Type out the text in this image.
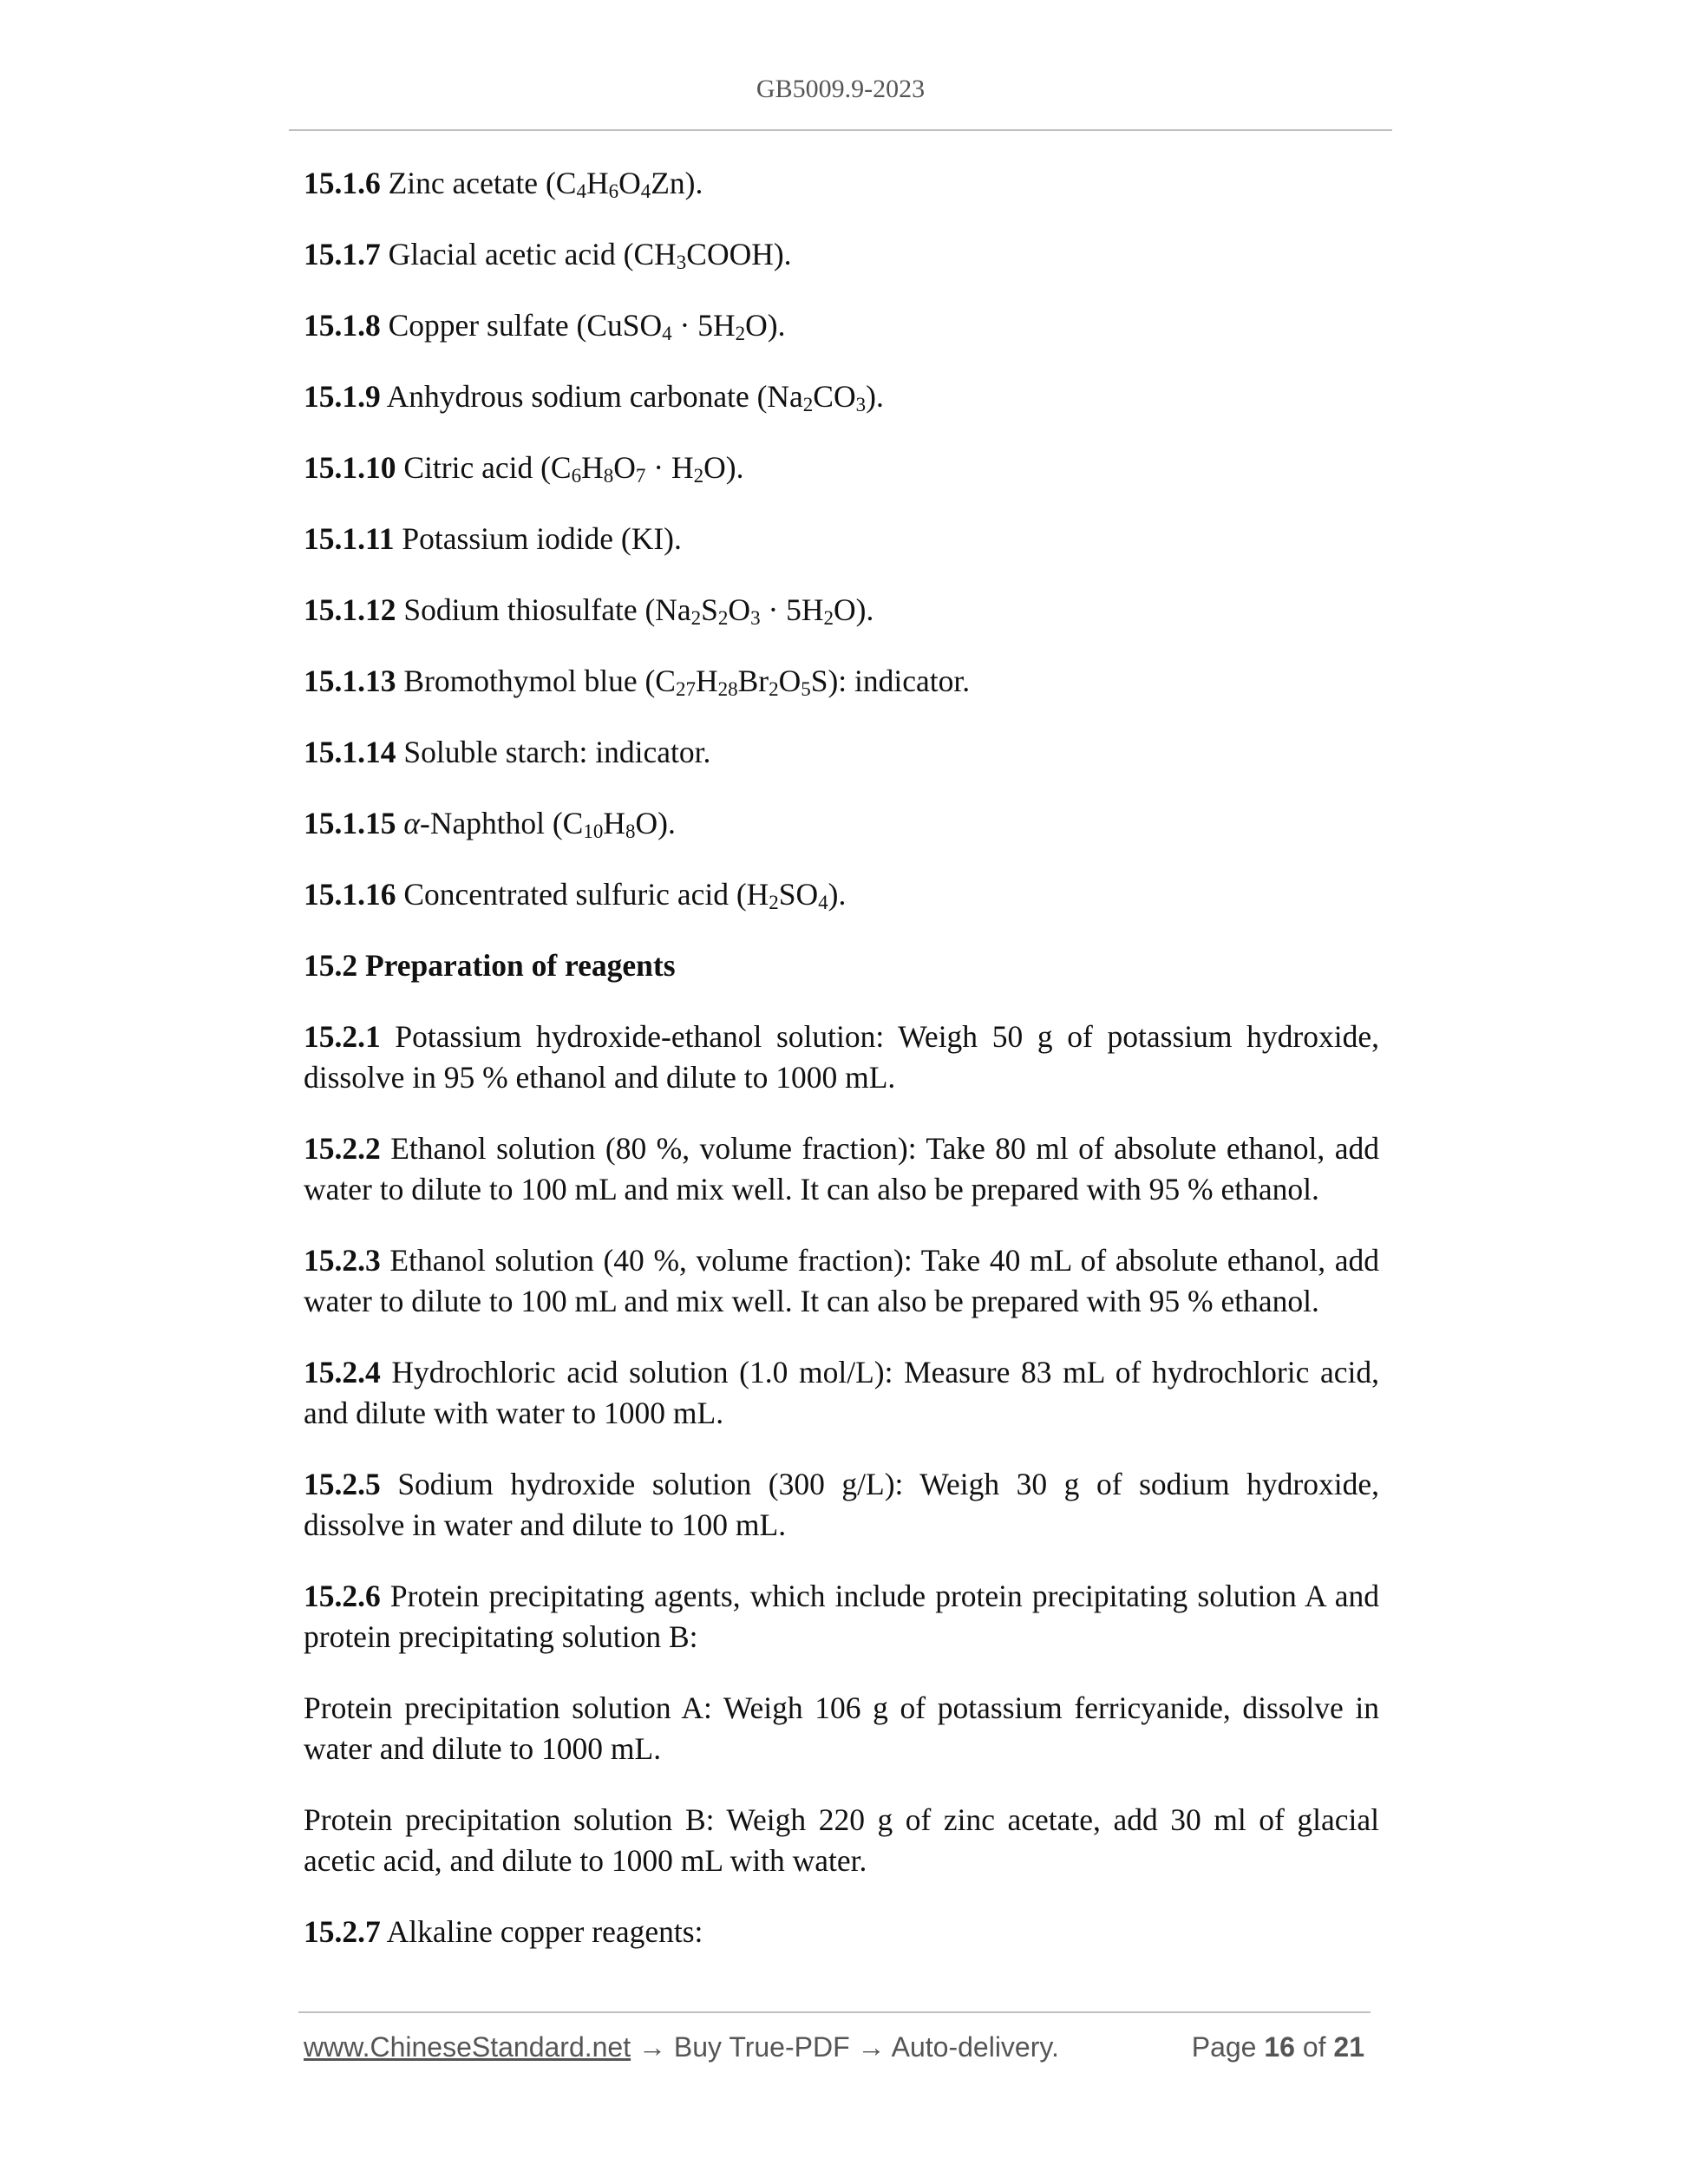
GB5009.9-2023

15.1.6 Zinc acetate $(C_4H_6O_4Zn)$.

15.1.7 Glacial acetic acid $(CH_3COOH)$.

15.1.8 Copper sulfate (CuSO$_4$ · $5H_2O$).

15.1.9 Anhydrous sodium carbonate $(Na_2CO_3)$.

15.1.10 Citric acid $(C_6H_8O_7 \cdot H_2O)$.

15.1.11 Potassium iodide (KI).

15.1.12 Sodium thiosulfate $(Na_2S_2O_3 \cdot 5H_2O)$.

15.1.13 Bromothymol blue $(C_{27}H_{28}Br_2O_5S)$: indicator.

15.1.14 Soluble starch: indicator.

15.1.15 α-Naphthol $(C_{10}H_8O)$.

15.1.16 Concentrated sulfuric acid $(H_2SO_4)$.

15.2 Preparation of reagents

15.2.1 Potassium hydroxide-ethanol solution: Weigh 50 g of potassium hydroxide, dissolve in 95 % ethanol and dilute to 1000 mL.

15.2.2 Ethanol solution (80 %, volume fraction): Take 80 ml of absolute ethanol, add water to dilute to 100 mL and mix well. It can also be prepared with 95 % ethanol.

15.2.3 Ethanol solution (40 %, volume fraction): Take 40 mL of absolute ethanol, add water to dilute to 100 mL and mix well. It can also be prepared with 95 % ethanol.

15.2.4 Hydrochloric acid solution (1.0 mol/L): Measure 83 mL of hydrochloric acid, and dilute with water to 1000 mL.

15.2.5 Sodium hydroxide solution (300 g/L): Weigh 30 g of sodium hydroxide, dissolve in water and dilute to 100 mL.

15.2.6 Protein precipitating agents, which include protein precipitating solution A and protein precipitating solution B:

Protein precipitation solution A: Weigh 106 g of potassium ferricyanide, dissolve in water and dilute to 1000 mL.

Protein precipitation solution B: Weigh 220 g of zinc acetate, add 30 ml of glacial acetic acid, and dilute to 1000 mL with water.

15.2.7 Alkaline copper reagents:

www.ChineseStandard.net → Buy True-PDF → Auto-delivery.	Page 16 of 21
